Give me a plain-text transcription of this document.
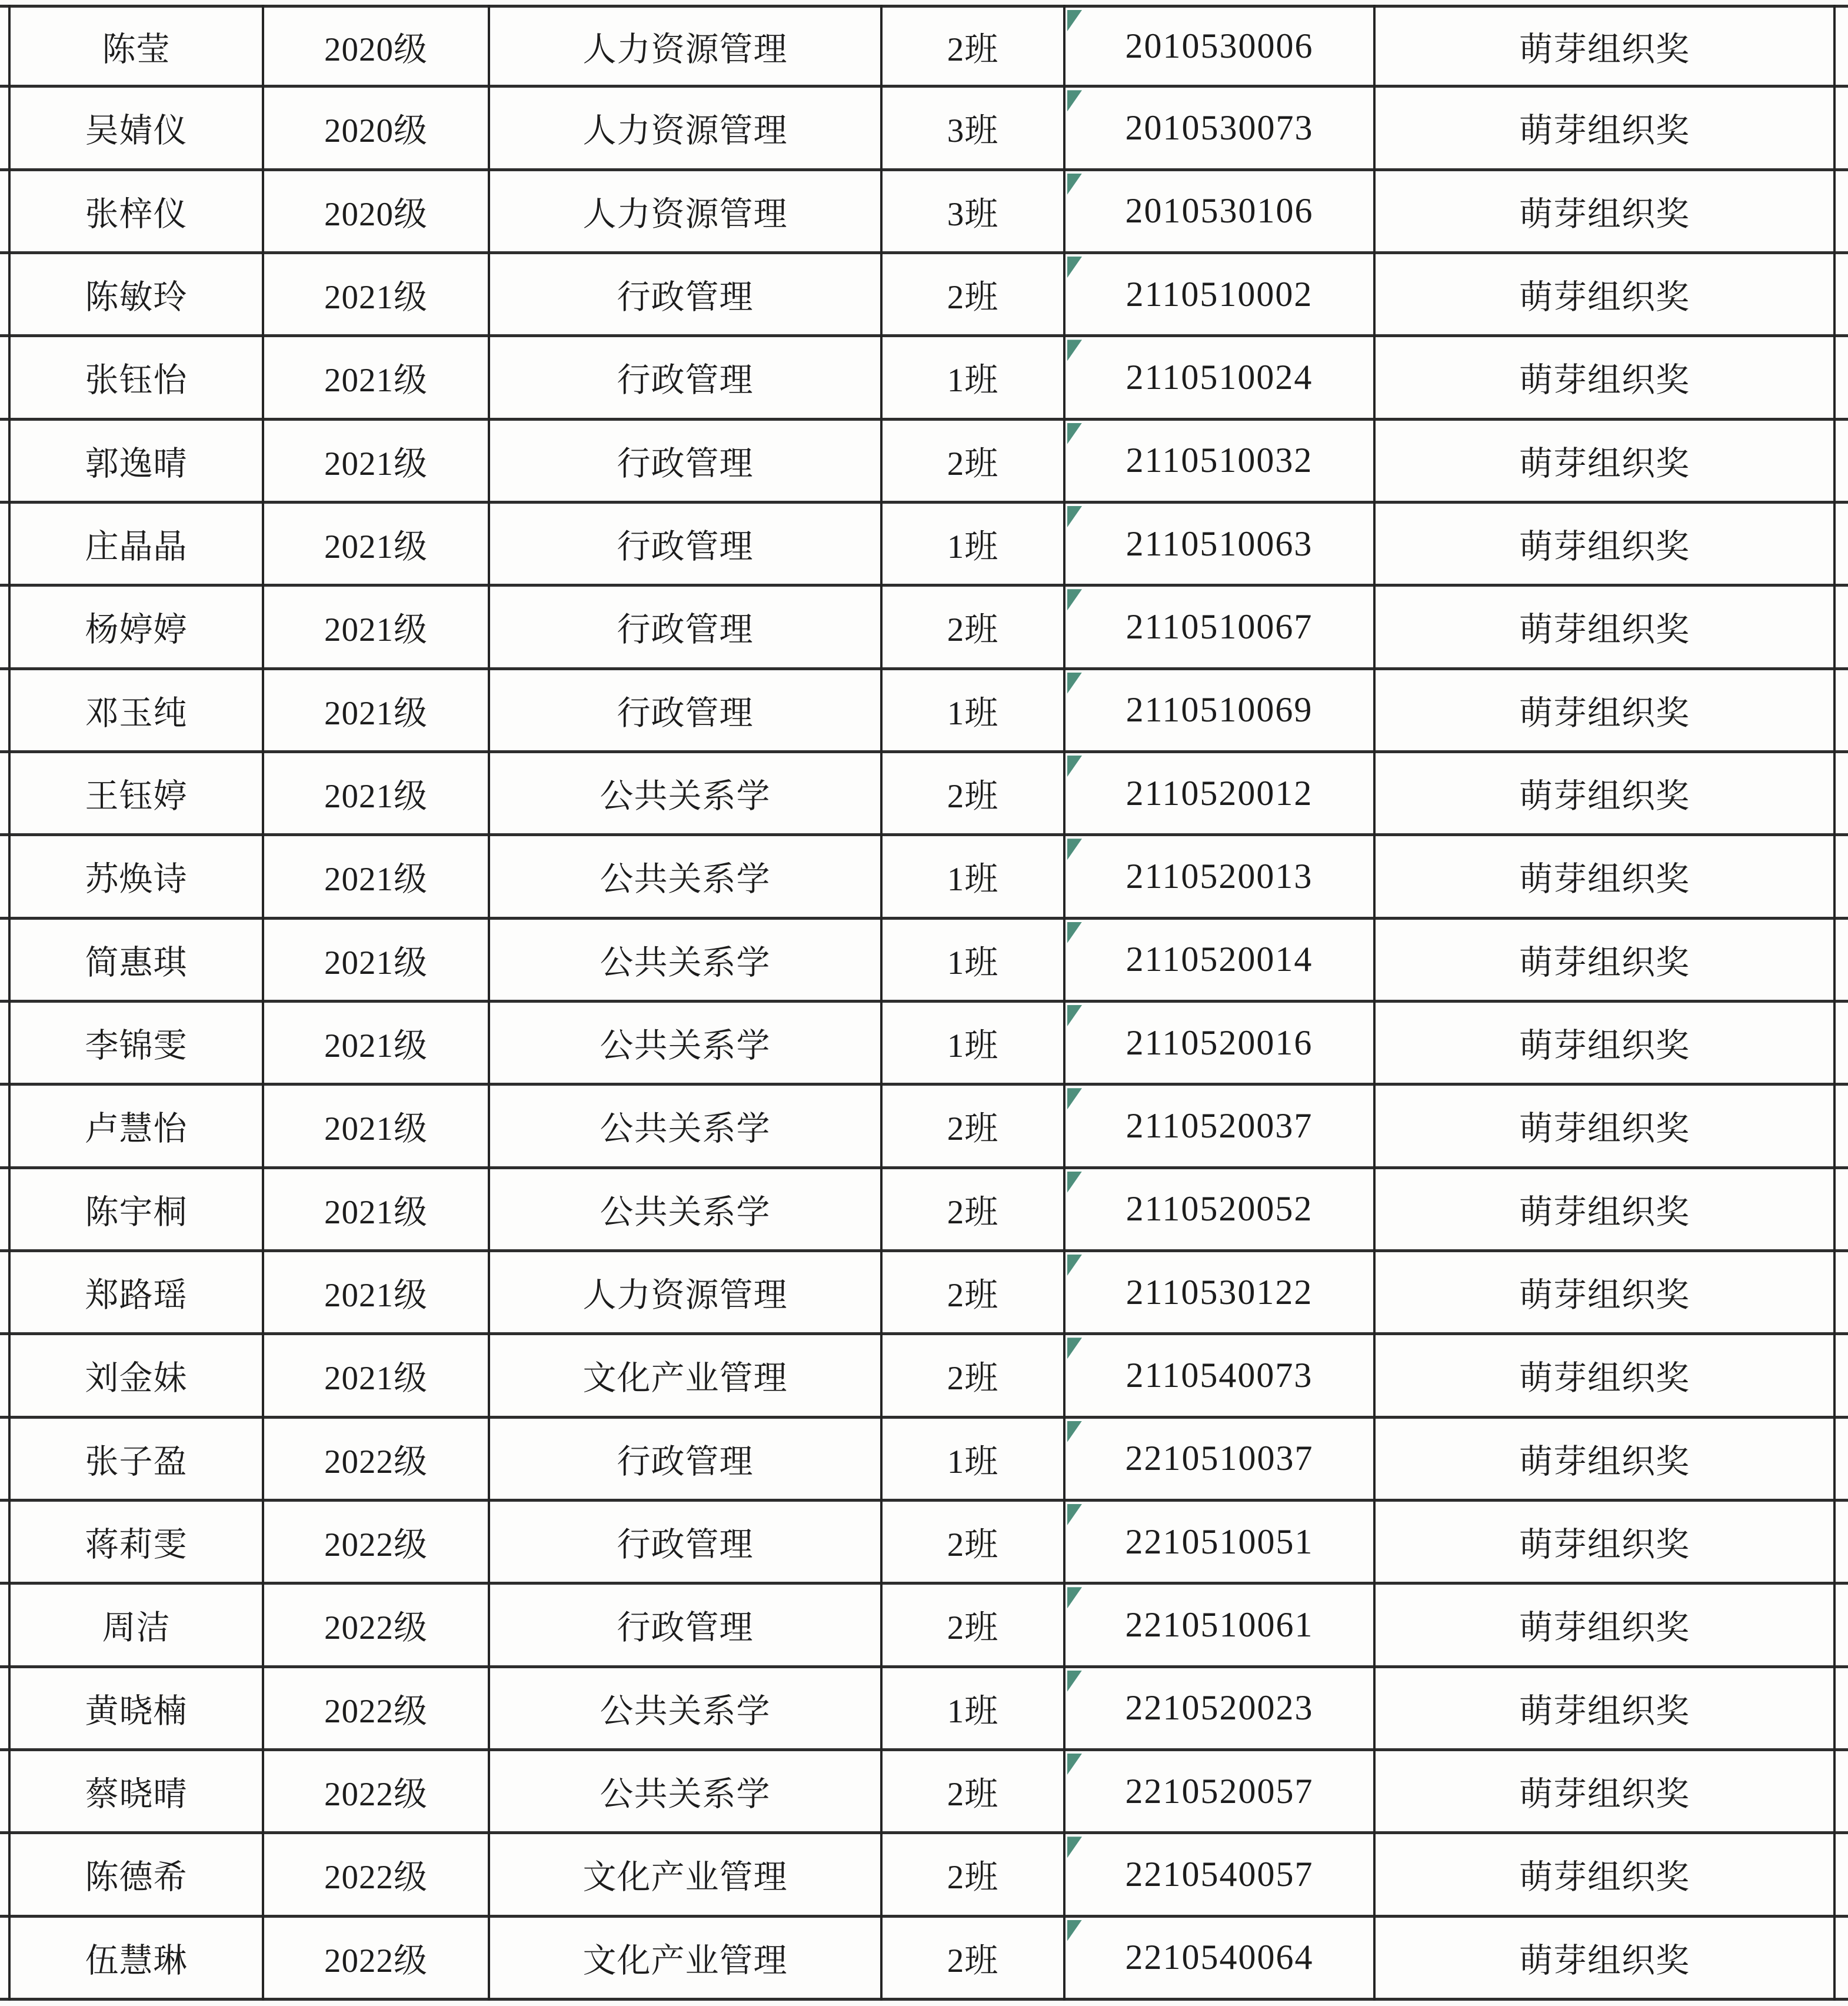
陈莹	2020级	人力资源管理	2班	2010530006	萌芽组织奖
吴婧仪	2020级	人力资源管理	3班	2010530073	萌芽组织奖
张梓仪	2020级	人力资源管理	3班	2010530106	萌芽组织奖
陈敏玲	2021级	行政管理	2班	2110510002	萌芽组织奖
张钰怡	2021级	行政管理	1班	2110510024	萌芽组织奖
郭逸晴	2021级	行政管理	2班	2110510032	萌芽组织奖
庄晶晶	2021级	行政管理	1班	2110510063	萌芽组织奖
杨婷婷	2021级	行政管理	2班	2110510067	萌芽组织奖
邓玉纯	2021级	行政管理	1班	2110510069	萌芽组织奖
王钰婷	2021级	公共关系学	2班	2110520012	萌芽组织奖
苏焕诗	2021级	公共关系学	1班	2110520013	萌芽组织奖
简惠琪	2021级	公共关系学	1班	2110520014	萌芽组织奖
李锦雯	2021级	公共关系学	1班	2110520016	萌芽组织奖
卢慧怡	2021级	公共关系学	2班	2110520037	萌芽组织奖
陈宇桐	2021级	公共关系学	2班	2110520052	萌芽组织奖
郑路瑶	2021级	人力资源管理	2班	2110530122	萌芽组织奖
刘金妹	2021级	文化产业管理	2班	2110540073	萌芽组织奖
张子盈	2022级	行政管理	1班	2210510037	萌芽组织奖
蒋莉雯	2022级	行政管理	2班	2210510051	萌芽组织奖
周洁	2022级	行政管理	2班	2210510061	萌芽组织奖
黄晓楠	2022级	公共关系学	1班	2210520023	萌芽组织奖
蔡晓晴	2022级	公共关系学	2班	2210520057	萌芽组织奖
陈德希	2022级	文化产业管理	2班	2210540057	萌芽组织奖
伍慧琳	2022级	文化产业管理	2班	2210540064	萌芽组织奖
